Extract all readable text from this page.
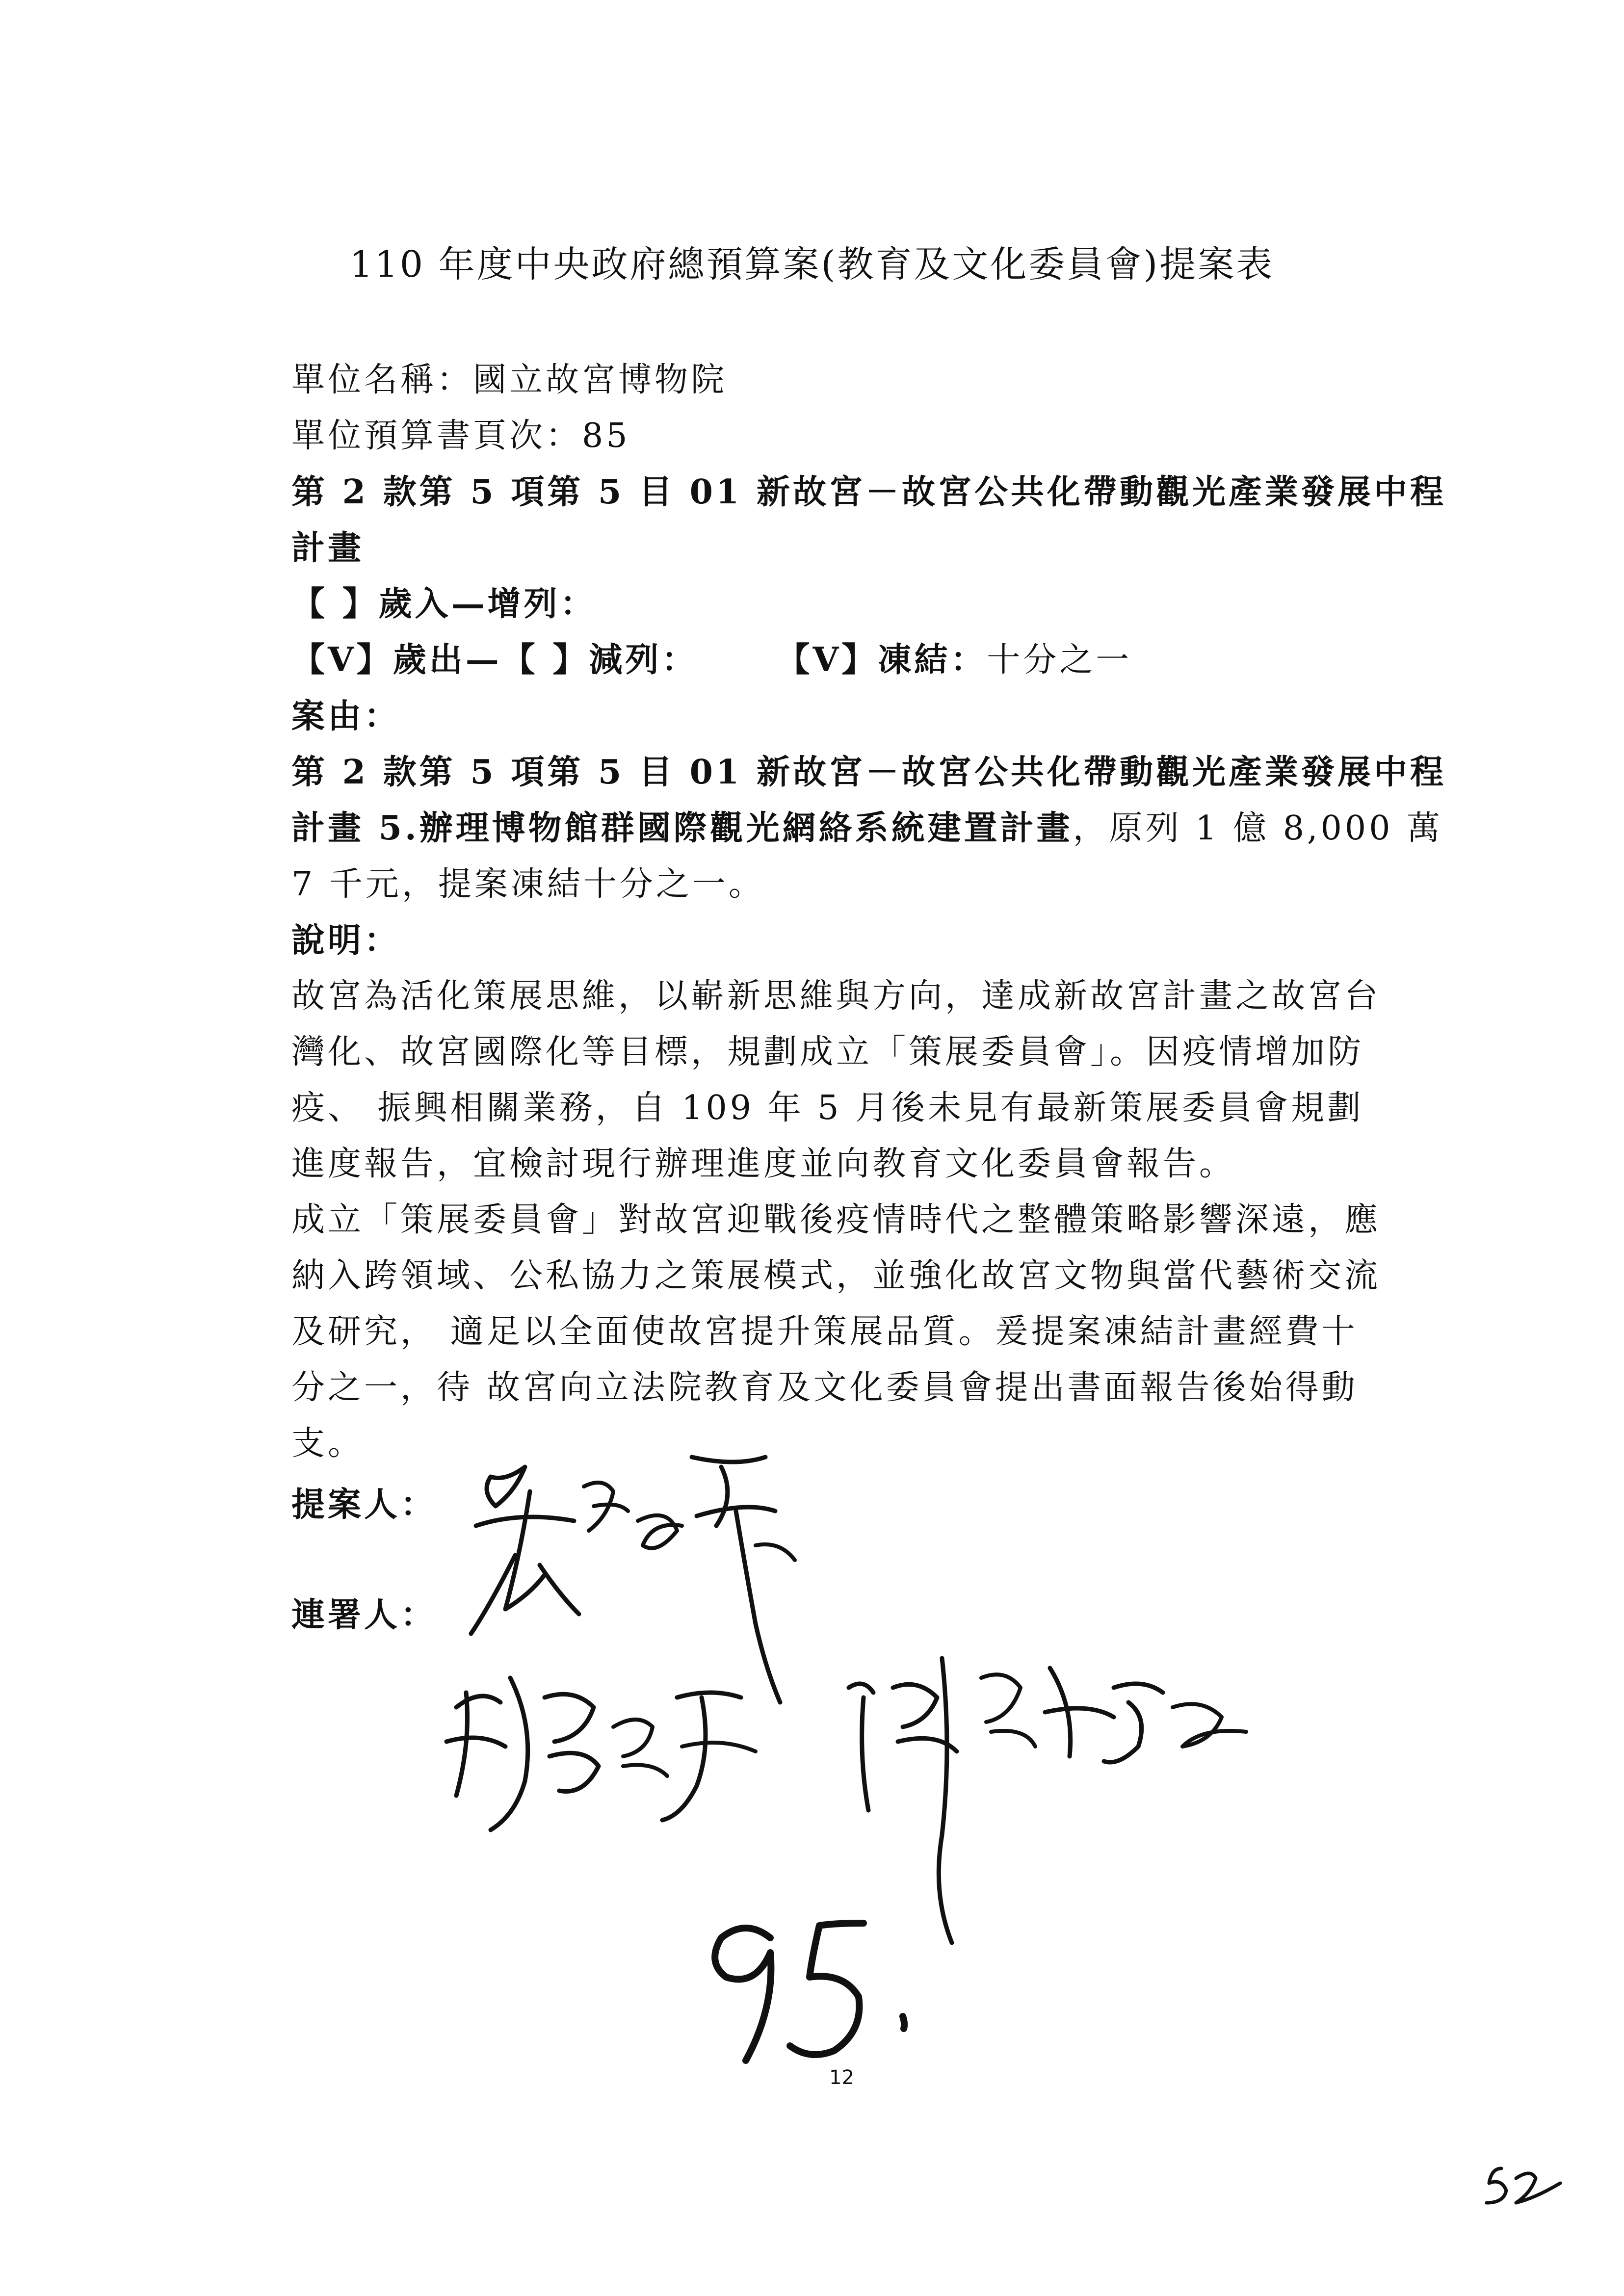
110 年度中央政府總預算案(教育及文化委員會)提案表
單位名稱：國立故宮博物院
單位預算書頁次：85
第 2 款第 5 項第 5 目 01 新故宮－故宮公共化帶動觀光產業發展中程
計畫
【 】歲入—增列：
【V】歲出—【 】減列： 【V】凍結：十分之一
案由：
第 2 款第 5 項第 5 目 01 新故宮－故宮公共化帶動觀光產業發展中程
計畫 5.辦理博物館群國際觀光網絡系統建置計畫，原列 1 億 8,000 萬
7 千元，提案凍結十分之一。
說明：
故宮為活化策展思維，以嶄新思維與方向，達成新故宮計畫之故宮台
灣化、故宮國際化等目標，規劃成立「策展委員會」。因疫情增加防
疫、 振興相關業務，自 109 年 5 月後未見有最新策展委員會規劃
進度報告，宜檢討現行辦理進度並向教育文化委員會報告。
成立「策展委員會」對故宮迎戰後疫情時代之整體策略影響深遠，應
納入跨領域、公私協力之策展模式，並強化故宮文物與當代藝術交流
及研究， 適足以全面使故宮提升策展品質。爰提案凍結計畫經費十
分之一，待 故宮向立法院教育及文化委員會提出書面報告後始得動
支。
提案人：
連署人：
12
